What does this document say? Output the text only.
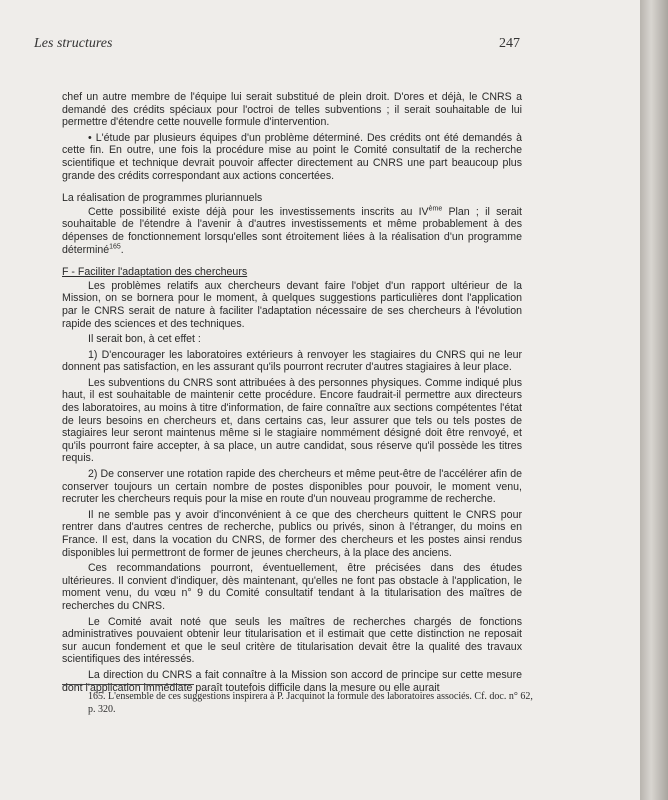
Les structures	247

chef un autre membre de l'équipe lui serait substitué de plein droit. D'ores et déjà, le CNRS a demandé des crédits spéciaux pour l'octroi de telles subventions ; il serait souhaitable de lui permettre d'étendre cette nouvelle formule d'intervention.

• L'étude par plusieurs équipes d'un problème déterminé. Des crédits ont été demandés à cette fin. En outre, une fois la procédure mise au point le Comité consultatif de la recherche scientifique et technique devrait pouvoir affecter directement au CNRS une part beaucoup plus grande des crédits correspondant aux actions concertées.

La réalisation de programmes pluriannuels

Cette possibilité existe déjà pour les investissements inscrits au IVème Plan ; il serait souhaitable de l'étendre à l'avenir à d'autres investissements et même probablement à des dépenses de fonctionnement lorsqu'elles sont étroitement liées à la réalisation d'un programme déterminé$^{165}$.

F - Faciliter l'adaptation des chercheurs

Les problèmes relatifs aux chercheurs devant faire l'objet d'un rapport ultérieur de la Mission, on se bornera pour le moment, à quelques suggestions particulières dont l'application par le CNRS serait de nature à faciliter l'adaptation nécessaire de ses chercheurs à l'évolution rapide des sciences et des techniques.

Il serait bon, à cet effet :

1) D'encourager les laboratoires extérieurs à renvoyer les stagiaires du CNRS qui ne leur donnent pas satisfaction, en les assurant qu'ils pourront recruter d'autres stagiaires à leur place.

Les subventions du CNRS sont attribuées à des personnes physiques. Comme indiqué plus haut, il est souhaitable de maintenir cette procédure. Encore faudrait-il permettre aux directeurs des laboratoires, au moins à titre d'information, de faire connaître aux sections compétentes l'état de leurs besoins en chercheurs et, dans certains cas, leur assurer que tels ou tels postes de stagiaires leur seront maintenus même si le stagiaire nommément désigné doit être renvoyé, et qu'ils pourront faire accepter, à sa place, un autre candidat, sous réserve qu'il possède les titres requis.

2) De conserver une rotation rapide des chercheurs et même peut-être de l'accélérer afin de conserver toujours un certain nombre de postes disponibles pour pouvoir, le moment venu, recruter les chercheurs requis pour la mise en route d'un nouveau programme de recherche.

Il ne semble pas y avoir d'inconvénient à ce que des chercheurs quittent le CNRS pour rentrer dans d'autres centres de recherche, publics ou privés, sinon à l'étranger, du moins en France. Il est, dans la vocation du CNRS, de former des chercheurs et les postes ainsi rendus disponibles lui permettront de former de jeunes chercheurs, à la place des anciens.

Ces recommandations pourront, éventuellement, être précisées dans des études ultérieures. Il convient d'indiquer, dès maintenant, qu'elles ne font pas obstacle à l'application, le moment venu, du vœu n° 9 du Comité consultatif tendant à la titularisation des maîtres de recherches du CNRS.

Le Comité avait noté que seuls les maîtres de recherches chargés de fonctions administratives pouvaient obtenir leur titularisation et il estimait que cette distinction ne reposait sur aucun fondement et que le seul critère de titularisation devait être la qualité des travaux scientifiques des intéressés.

La direction du CNRS a fait connaître à la Mission son accord de principe sur cette mesure dont l'application immédiate paraît toutefois difficile dans la mesure ou elle aurait

165. L'ensemble de ces suggestions inspirera à P. Jacquinot la formule des laboratoires associés. Cf. doc. n° 62, p. 320.
